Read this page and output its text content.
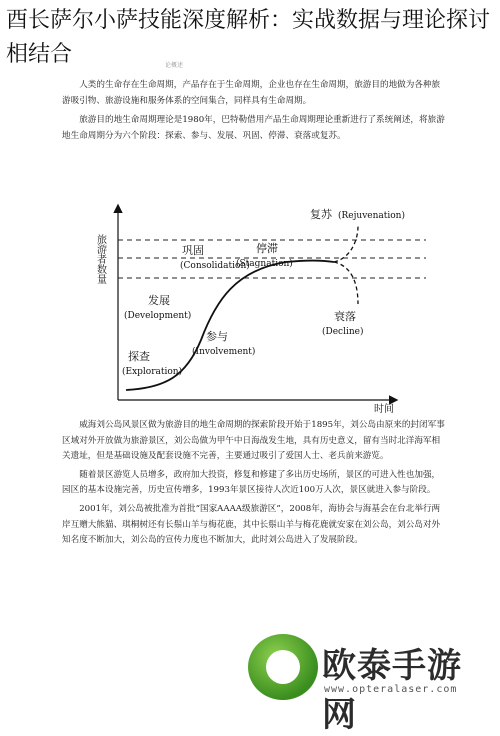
酉长萨尔小萨技能深度解析：实战数据与理论探讨相结合	论概述

人类的生命存在生命周期，产品存在于生命周期，企业也存在生命周期，旅游目的地做为各种旅游吸引物、旅游设施和服务体系的空间集合，同样具有生命周期。

旅游目的地生命周期理论是1980年，巴特勒借用产品生命周期理论重新进行了系统阐述，将旅游地生命周期分为六个阶段：探索、参与、发展、巩固、停滞、衰落或复苏。

旅游者数量
时间
探查
(Exploration)
参与
(Involvement)
发展
(Development)
巩固
(Consolidation)
停滞
(Stagnation)
复苏 (Rejuvenation)
衰落
(Decline)

威海刘公岛风景区做为旅游目的地生命周期的探索阶段开始于1895年，刘公岛由原来的封闭军事区域对外开放做为旅游景区，刘公岛做为甲午中日海战发生地，具有历史意义，留有当时北洋海军相关遗址，但是基础设施及配套设施不完善，主要通过吸引了爱国人士、老兵前来游览。

随着景区游览人员增多，政府加大投资，修复和修建了多出历史场所，景区的可进入性也加强，园区的基本设施完善，历史宣传增多，1993年景区接待人次近100万人次，景区就进入参与阶段。

2001年，刘公岛被批准为首批“国家AAAA级旅游区”，2008年，海协会与海基会在台北举行两岸互赠大熊猫、琪桐树还有长鬃山羊与梅花鹿，其中长鬃山羊与梅花鹿就安家在刘公岛，刘公岛对外知名度不断加大，刘公岛的宣传力度也不断加大，此时刘公岛进入了发展阶段。

欧泰手游网
www.opteralaser.com
